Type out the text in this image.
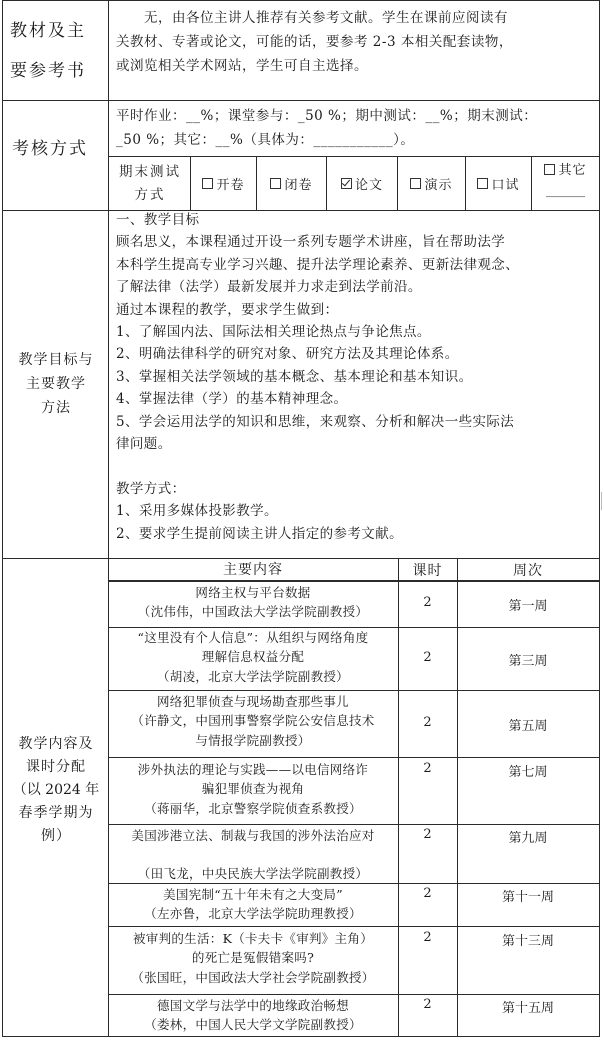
教材及主
要参考书
无，由各位主讲人推荐有关参考文献。学生在课前应阅读有
关教材、专著或论文，可能的话，要参考 2-3 本相关配套读物，
或浏览相关学术网站，学生可自主选择。
考核方式
平时作业：__%；课堂参与：_50 %；期中测试：__%；期末测试：
_50 %；其它：__%（具体为：___________）。
期末测试
方式
开卷	闭卷	论文	演示	口试
其它
______
教学目标与
主要教学
方法
一、教学目标
顾名思义，本课程通过开设一系列专题学术讲座，旨在帮助法学
本科学生提高专业学习兴趣、提升法学理论素养、更新法律观念、
了解法律（法学）最新发展并力求走到法学前沿。
通过本课程的教学，要求学生做到：
1、了解国内法、国际法相关理论热点与争论焦点。
2、明确法律科学的研究对象、研究方法及其理论体系。
3、掌握相关法学领域的基本概念、基本理论和基本知识。
4、掌握法律（学）的基本精神理念。
5、学会运用法学的知识和思维，来观察、分析和解决一些实际法
律问题。
教学方式：
1、采用多媒体投影教学。
2、要求学生提前阅读主讲人指定的参考文献。
教学内容及
课时分配
（以 2024 年
春季学期为
例）
主要内容	课时	周次
网络主权与平台数据
（沈伟伟，中国政法大学法学院副教授）
2	第一周
“这里没有个人信息”：从组织与网络角度
理解信息权益分配
（胡凌，北京大学法学院副教授）
2	第三周
网络犯罪侦查与现场勘查那些事儿
（许静文，中国刑事警察学院公安信息技术
与情报学院副教授）
2	第五周
涉外执法的理论与实践——以电信网络诈
骗犯罪侦查为视角
（蒋丽华，北京警察学院侦查系教授）
2	第七周
美国涉港立法、制裁与我国的涉外法治应对
（田飞龙，中央民族大学法学院副教授）
2	第九周
美国宪制“五十年未有之大变局”
（左亦鲁，北京大学法学院助理教授）
2	第十一周
被审判的生活：K（卡夫卡《审判》主角）
的死亡是冤假错案吗?
（张国旺，中国政法大学社会学院副教授）
2	第十三周
德国文学与法学中的地缘政治畅想
（娄林，中国人民大学文学院副教授）
2	第十五周
